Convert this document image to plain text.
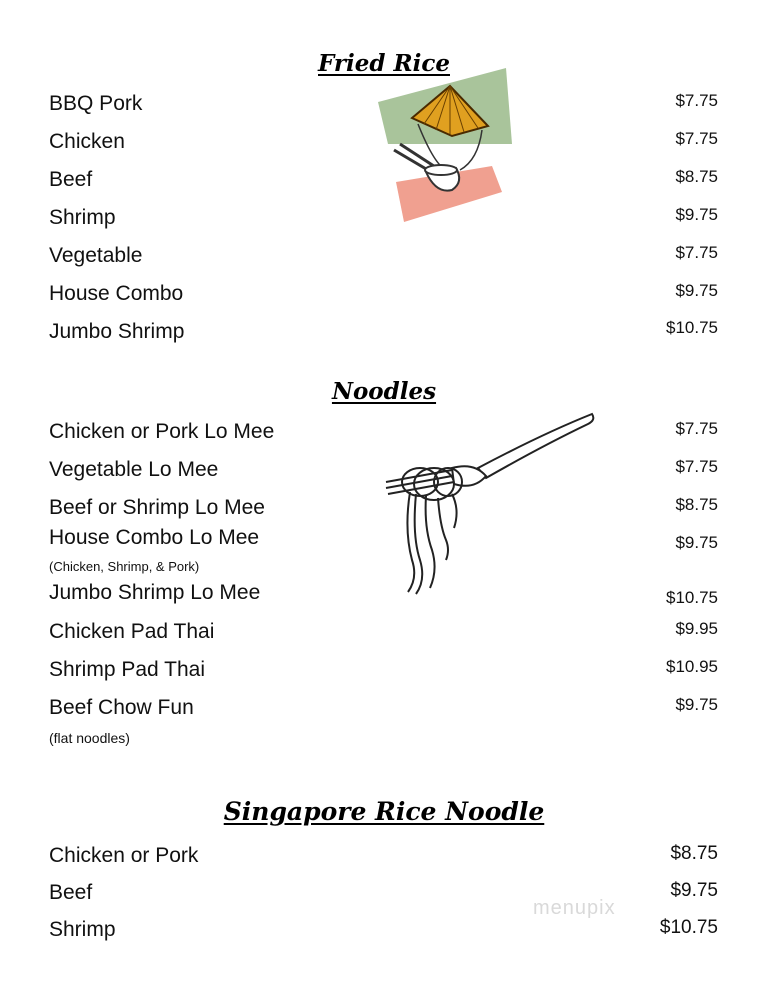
Fried Rice
BBQ Pork	$7.75
Chicken	$7.75
Beef	$8.75
Shrimp	$9.75
Vegetable	$7.75
House Combo	$9.75
Jumbo Shrimp	$10.75
Noodles
Chicken or Pork Lo Mee	$7.75
Vegetable Lo Mee	$7.75
Beef or Shrimp Lo Mee	$8.75
House Combo Lo Mee	$9.75
(Chicken, Shrimp, & Pork)
Jumbo Shrimp Lo Mee	$10.75
Chicken Pad Thai	$9.95
Shrimp Pad Thai	$10.95
Beef Chow Fun	$9.75
(flat noodles)
Singapore Rice Noodle
Chicken or Pork	$8.75
Beef	$9.75
Shrimp	$10.75
menupix
